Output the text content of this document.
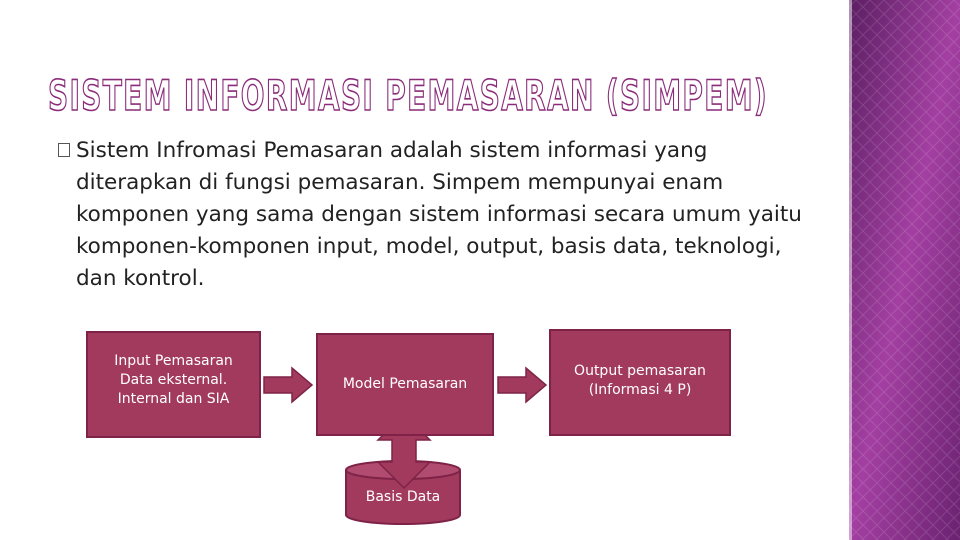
SISTEM INFORMASI PEMASARAN (SIMPEM)
Sistem Infromasi Pemasaran adalah sistem informasi yang diterapkan di fungsi pemasaran. Simpem mempunyai enam komponen yang sama dengan sistem informasi secara umum yaitu komponen-komponen input, model, output, basis data, teknologi, dan kontrol.
Input Pemasaran
Data eksternal.
Internal dan SIA
Model Pemasaran
Output pemasaran
(Informasi 4 P)
Basis Data
